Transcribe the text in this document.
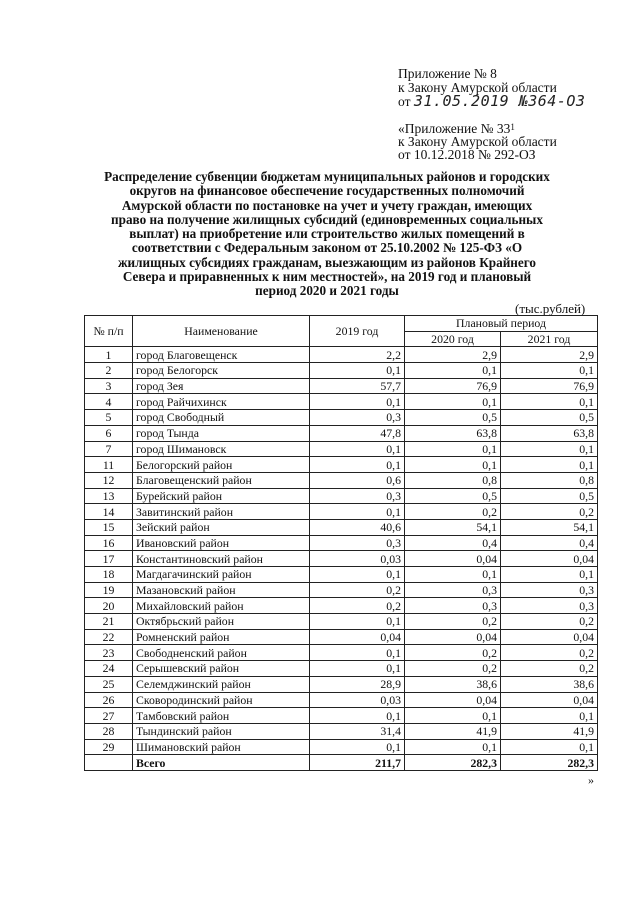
Приложение № 8
к Закону Амурской области
от 31.05.2019 №364-ОЗ
«Приложение № $33^1$
к Закону Амурской области
от 10.12.2018 № 292-ОЗ
Распределение субвенции бюджетам муниципальных районов и городских округов на финансовое обеспечение государственных полномочий Амурской области по постановке на учет и учету граждан, имеющих право на получение жилищных субсидий (единовременных социальных выплат) на приобретение или строительство жилых помещений в соответствии с Федеральным законом от 25.10.2002 № 125-ФЗ «О жилищных субсидиях гражданам, выезжающим из районов Крайнего Севера и приравненных к ним местностей», на 2019 год и плановый период 2020 и 2021 годы
(тыс.рублей)
№ п/п	Наименование	2019 год	Плановый период	
			2020 год	2021 год
1	город Благовещенск	2,2	2,9	2,9
2	город Белогорск	0,1	0,1	0,1
3	город Зея	57,7	76,9	76,9
4	город Райчихинск	0,1	0,1	0,1
5	город Свободный	0,3	0,5	0,5
6	город Тында	47,8	63,8	63,8
7	город Шимановск	0,1	0,1	0,1
11	Белогорский район	0,1	0,1	0,1
12	Благовещенский район	0,6	0,8	0,8
13	Бурейский район	0,3	0,5	0,5
14	Завитинский район	0,1	0,2	0,2
15	Зейский район	40,6	54,1	54,1
16	Ивановский район	0,3	0,4	0,4
17	Константиновский район	0,03	0,04	0,04
18	Магдагачинский район	0,1	0,1	0,1
19	Мазановский район	0,2	0,3	0,3
20	Михайловский район	0,2	0,3	0,3
21	Октябрьский район	0,1	0,2	0,2
22	Ромненский район	0,04	0,04	0,04
23	Свободненский район	0,1	0,2	0,2
24	Серышевский район	0,1	0,2	0,2
25	Селемджинский район	28,9	38,6	38,6
26	Сковородинский район	0,03	0,04	0,04
27	Тамбовский район	0,1	0,1	0,1
28	Тындинский район	31,4	41,9	41,9
29	Шимановский район	0,1	0,1	0,1
	Всего	211,7	282,3	282,3
»
